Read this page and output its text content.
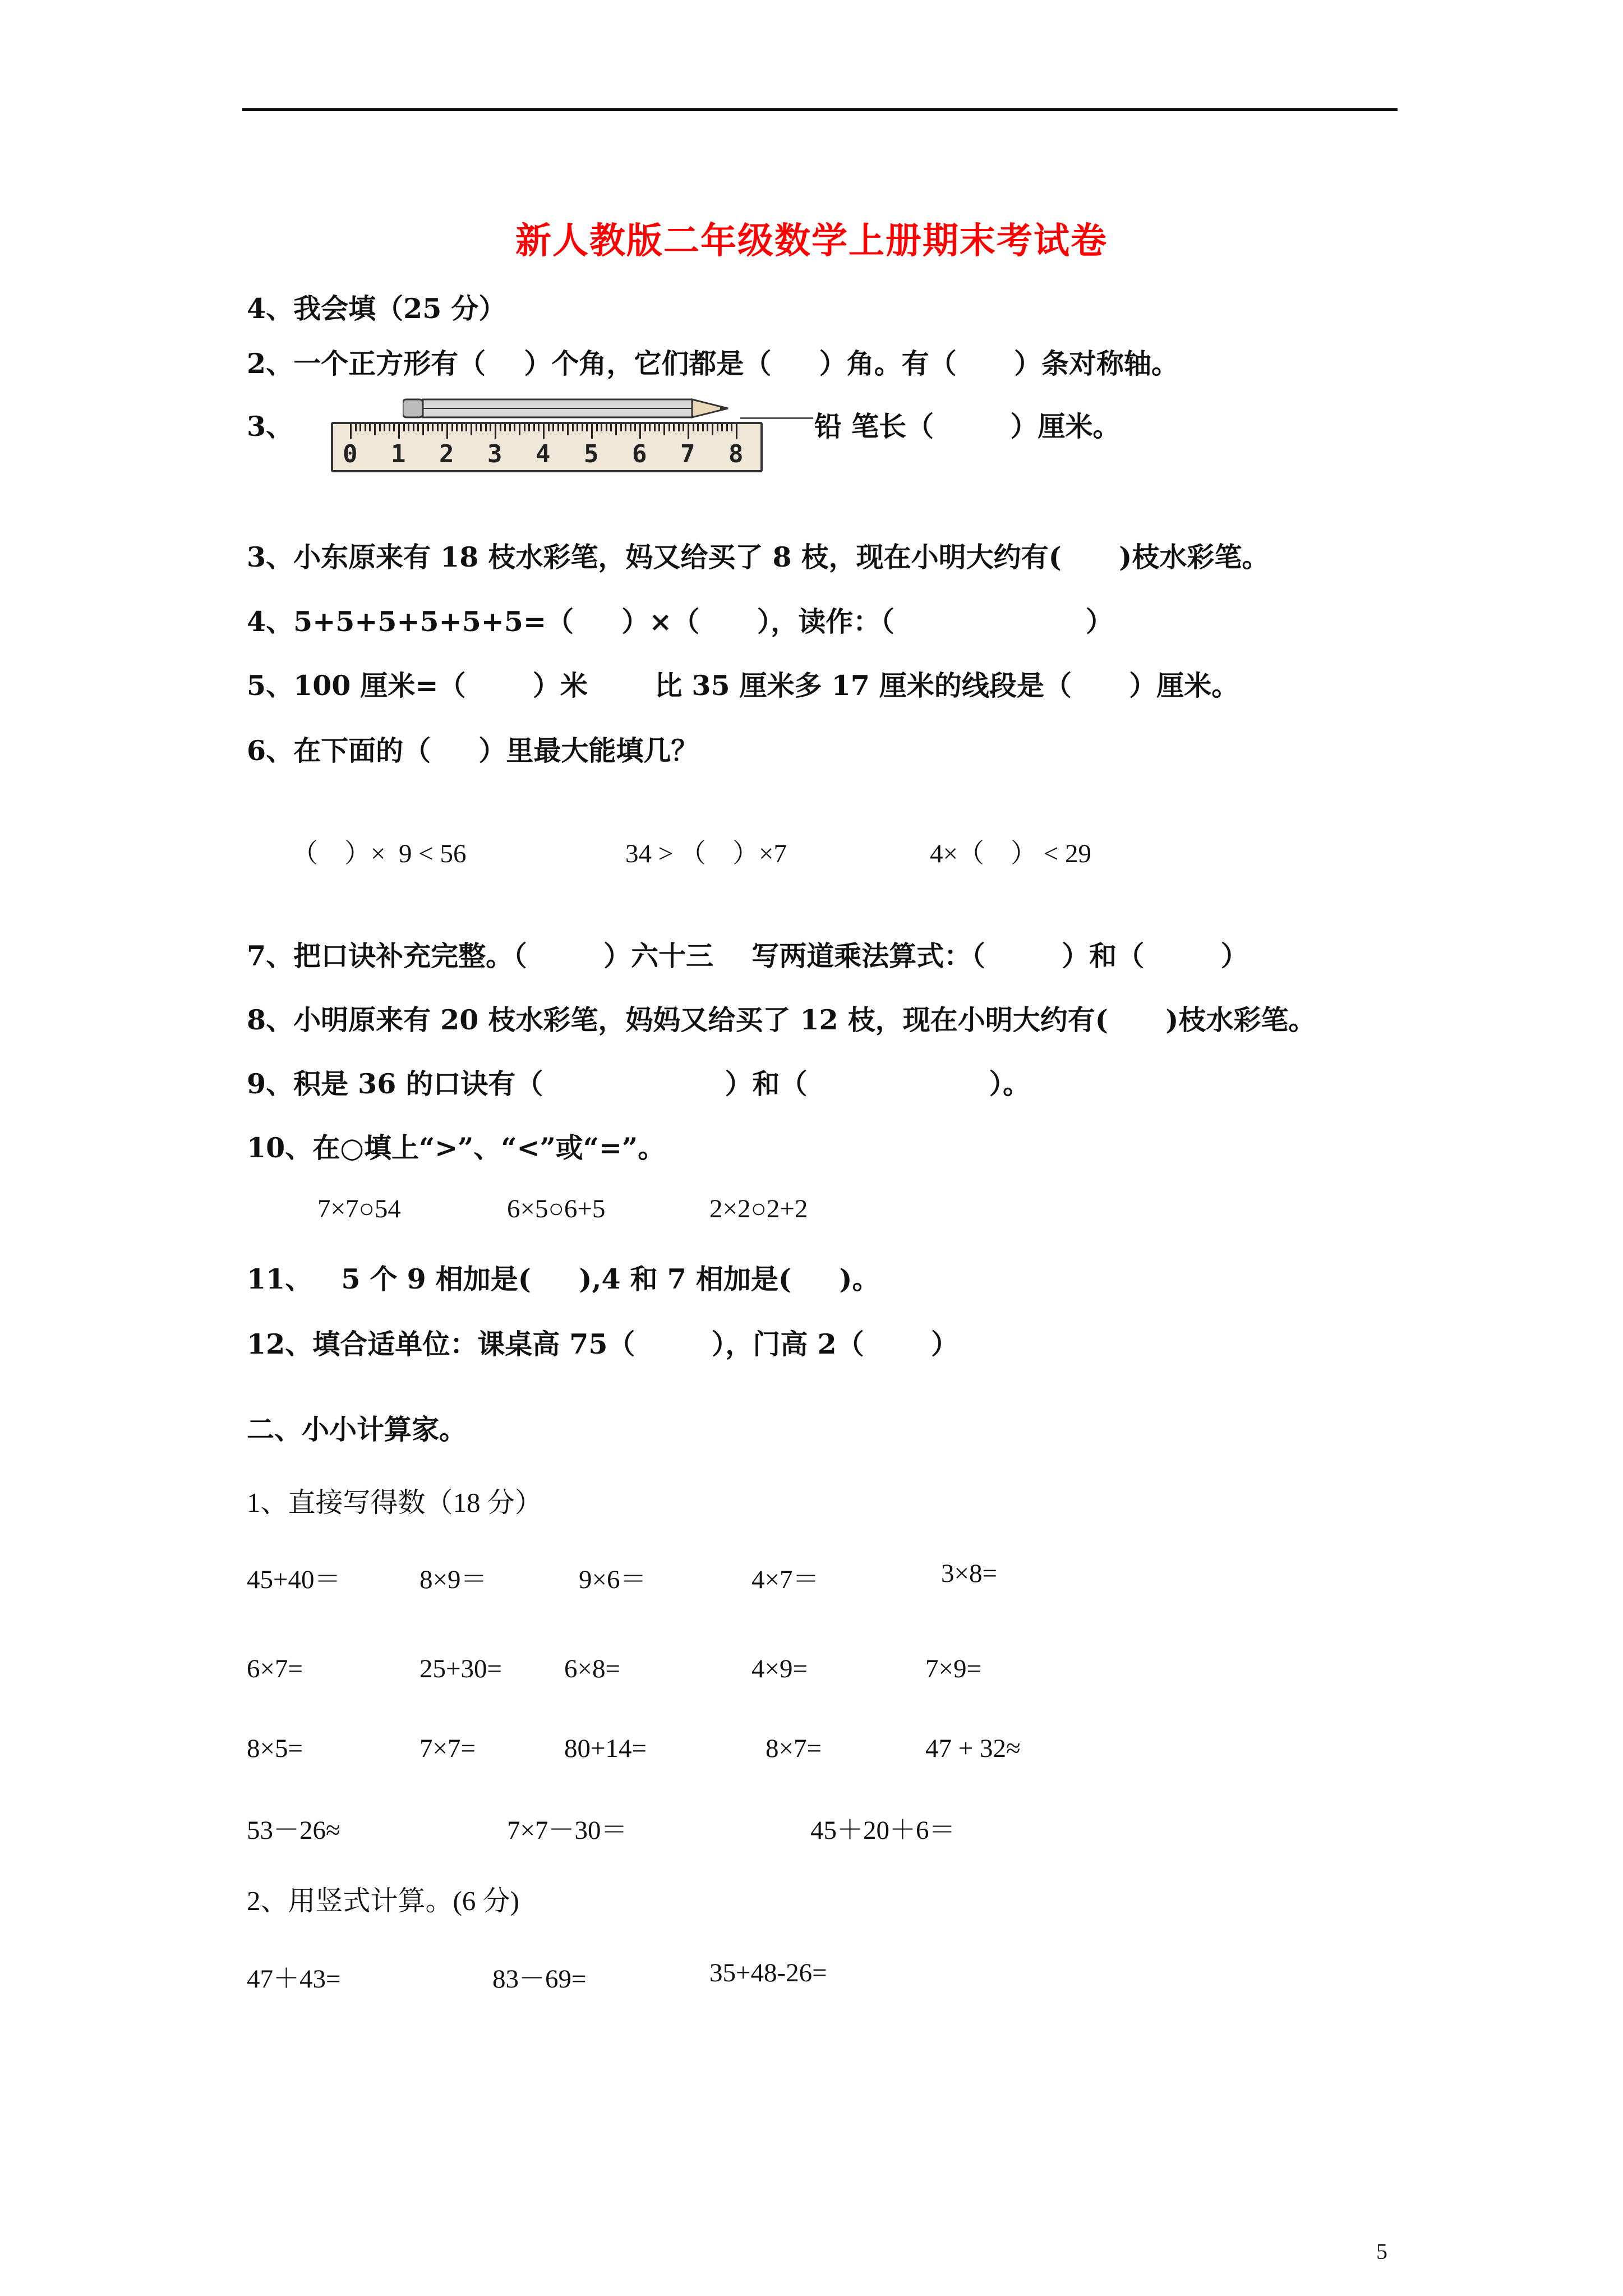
新人教版二年级数学上册期末考试卷
4、我会填（25 分）
2、一个正方形有（    ）个角，它们都是（     ）角。有（      ）条对称轴。
3、
0 1 2 3 4 5 6 7 8
铅 笔长（        ）厘米。
3、小东原来有 18 枝水彩笔，妈又给买了 8 枝，现在小明大约有(      )枝水彩笔。
4、5+5+5+5+5+5=（     ）×（      ），读作：（                    ）
5、100 厘米=（       ）米       比 35 厘米多 17 厘米的线段是（      ）厘米。
6、在下面的（     ）里最大能填几？
（    ）×  9 < 56	34 > （    ）×7	4×（    ） < 29
7、把口诀补充完整。（        ）六十三    写两道乘法算式：（        ）和（        ）
8、小明原来有 20 枝水彩笔，妈妈又给买了 12 枝，现在小明大约有(      )枝水彩笔。
9、积是 36 的口诀有（                   ）和（                   ）。
10、在○填上“>”、“<”或“=”。
7×7○54	6×5○6+5	2×2○2+2
11、   5 个 9 相加是(     ),4 和 7 相加是(     )。
12、填合适单位：课桌高 75（        ），门高 2（       ）
二、小小计算家。
1、直接写得数（18 分）
45+40＝	8×9＝	9×6＝	4×7＝	3×8=
6×7=	25+30= 6×8=	4×9=	7×9=
8×5=	7×7=	80+14=	8×7=	47 + 32≈
53－26≈	7×7－30＝	45＋20＋6＝
2、用竖式计算。(6 分)
47＋43=	83－69=	35+48-26=
5
